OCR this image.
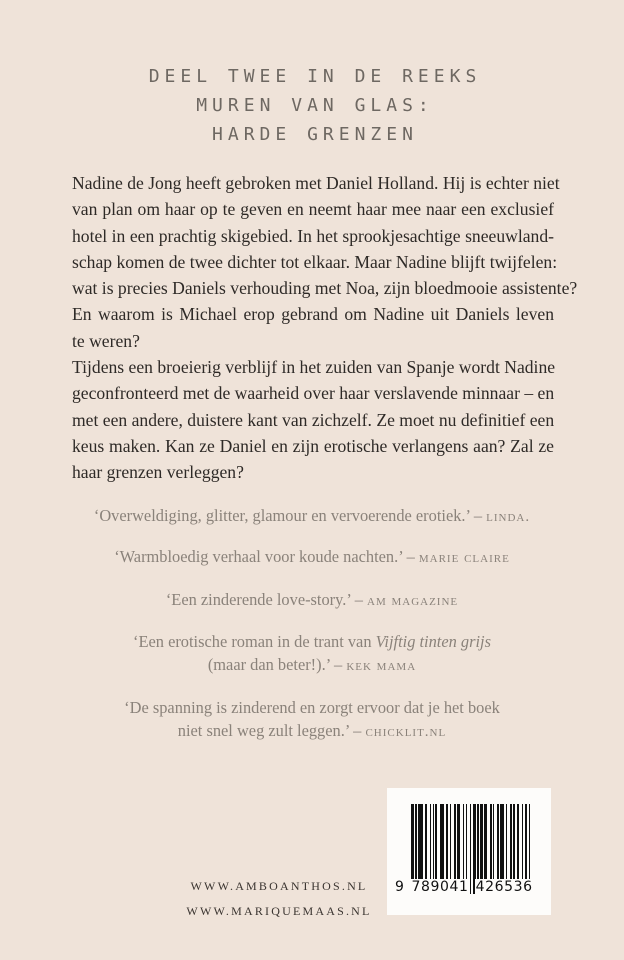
DEEL TWEE IN DE REEKS
MUREN VAN GLAS:
HARDE GRENZEN

Nadine de Jong heeft gebroken met Daniel Holland. Hij is echter niet
van plan om haar op te geven en neemt haar mee naar een exclusief
hotel in een prachtig skigebied. In het sprookjesachtige sneeuwland-
schap komen de twee dichter tot elkaar. Maar Nadine blijft twijfelen:
wat is precies Daniels verhouding met Noa, zijn bloedmooie assistente?
En waarom is Michael erop gebrand om Nadine uit Daniels leven
te weren?

Tijdens een broeierig verblijf in het zuiden van Spanje wordt Nadine
geconfronteerd met de waarheid over haar verslavende minnaar – en
met een andere, duistere kant van zichzelf. Ze moet nu definitief een
keus maken. Kan ze Daniel en zijn erotische verlangens aan? Zal ze
haar grenzen verleggen?

‘Overweldiging, glitter, glamour en vervoerende erotiek.’ – linda.

‘Warmbloedig verhaal voor koude nachten.’ – marie claire

‘Een zinderende love-story.’ – am magazine

‘Een erotische roman in de trant van Vijftig tinten grijs
(maar dan beter!).’ – kek mama

‘De spanning is zinderend en zorgt ervoor dat je het boek
niet snel weg zult leggen.’ – chicklit.nl

9 789041 426536
WWW.AMBOANTHOS.NL
WWW.MARIQUEMAAS.NL
